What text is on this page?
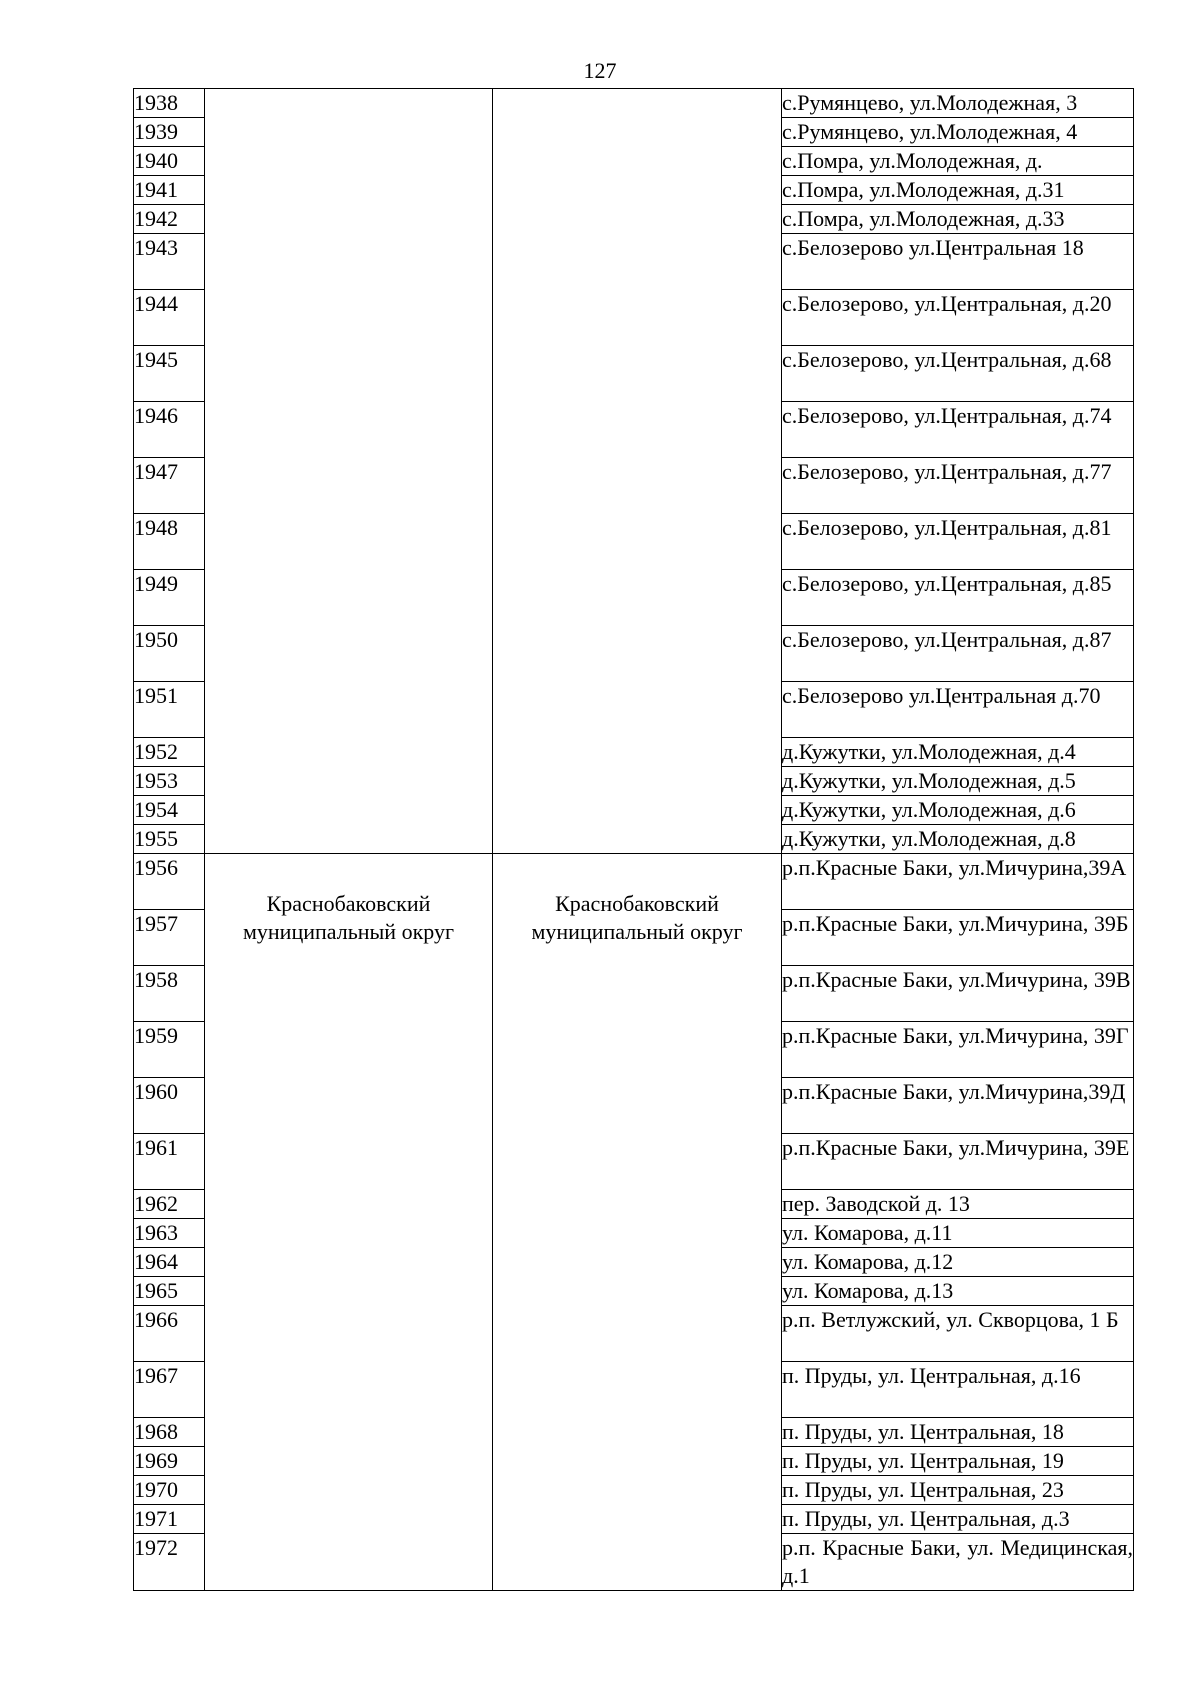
127
1938			с.Румянцево, ул.Молодежная, 3
1939			с.Румянцево, ул.Молодежная, 4
1940			с.Помра, ул.Молодежная, д.
1941			с.Помра, ул.Молодежная, д.31
1942			с.Помра, ул.Молодежная, д.33
1943			с.Белозерово ул.Центральная 18
1944			с.Белозерово, ул.Центральная, д.20
1945			с.Белозерово, ул.Центральная, д.68
1946			с.Белозерово, ул.Центральная, д.74
1947			с.Белозерово, ул.Центральная, д.77
1948			с.Белозерово, ул.Центральная, д.81
1949			с.Белозерово, ул.Центральная, д.85
1950			с.Белозерово, ул.Центральная, д.87
1951			с.Белозерово ул.Центральная д.70
1952			д.Кужутки, ул.Молодежная, д.4
1953			д.Кужутки, ул.Молодежная, д.5
1954			д.Кужутки, ул.Молодежная, д.6
1955			д.Кужутки, ул.Молодежная, д.8
1956	Краснобаковский муниципальный округ	Краснобаковский муниципальный округ	р.п.Красные Баки, ул.Мичурина,39А
1957			р.п.Красные Баки, ул.Мичурина, 39Б
1958			р.п.Красные Баки, ул.Мичурина, 39В
1959			р.п.Красные Баки, ул.Мичурина, 39Г
1960			р.п.Красные Баки, ул.Мичурина,39Д
1961			р.п.Красные Баки, ул.Мичурина, 39Е
1962			пер. Заводской д. 13
1963			ул. Комарова, д.11
1964			ул. Комарова, д.12
1965			ул. Комарова, д.13
1966			р.п. Ветлужский, ул. Скворцова, 1 Б
1967			п. Пруды, ул. Центральная, д.16
1968			п. Пруды, ул. Центральная, 18
1969			п. Пруды, ул. Центральная, 19
1970			п. Пруды, ул. Центральная, 23
1971			п. Пруды, ул. Центральная, д.3
1972			р.п. Красные Баки, ул. Медицинская, д.1
